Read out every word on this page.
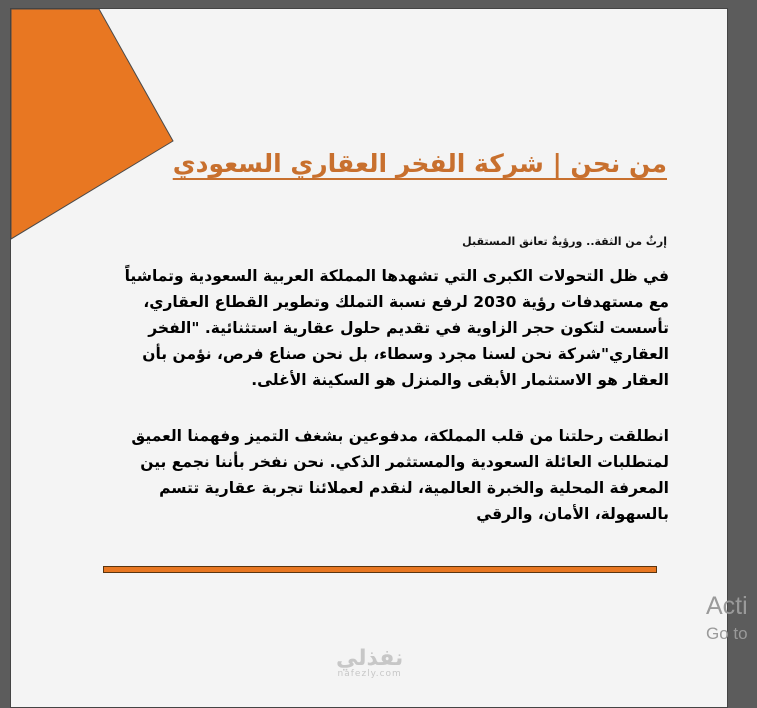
من نحن | شركة الفخر العقاري السعودي

إرثٌ من الثقة.. ورؤيةٌ تعانق المستقبل

في ظل التحولات الكبرى التي تشهدها المملكة العربية السعودية وتماشياً مع مستهدفات رؤية 2030 لرفع نسبة التملك وتطوير القطاع العقاري، تأسست لتكون حجر الزاوية في تقديم حلول عقارية استثنائية. "الفخر العقاري"شركة نحن لسنا مجرد وسطاء، بل نحن صناع فرص، نؤمن بأن العقار هو الاستثمار الأبقى والمنزل هو السكينة الأغلى.

انطلقت رحلتنا من قلب المملكة، مدفوعين بشغف التميز وفهمنا العميق لمتطلبات العائلة السعودية والمستثمر الذكي. نحن نفخر بأننا نجمع بين المعرفة المحلية والخبرة العالمية، لنقدم لعملائنا تجربة عقارية تتسم بالسهولة، الأمان، والرقي

Acti
Go to
نفذلي
nafezly.com
